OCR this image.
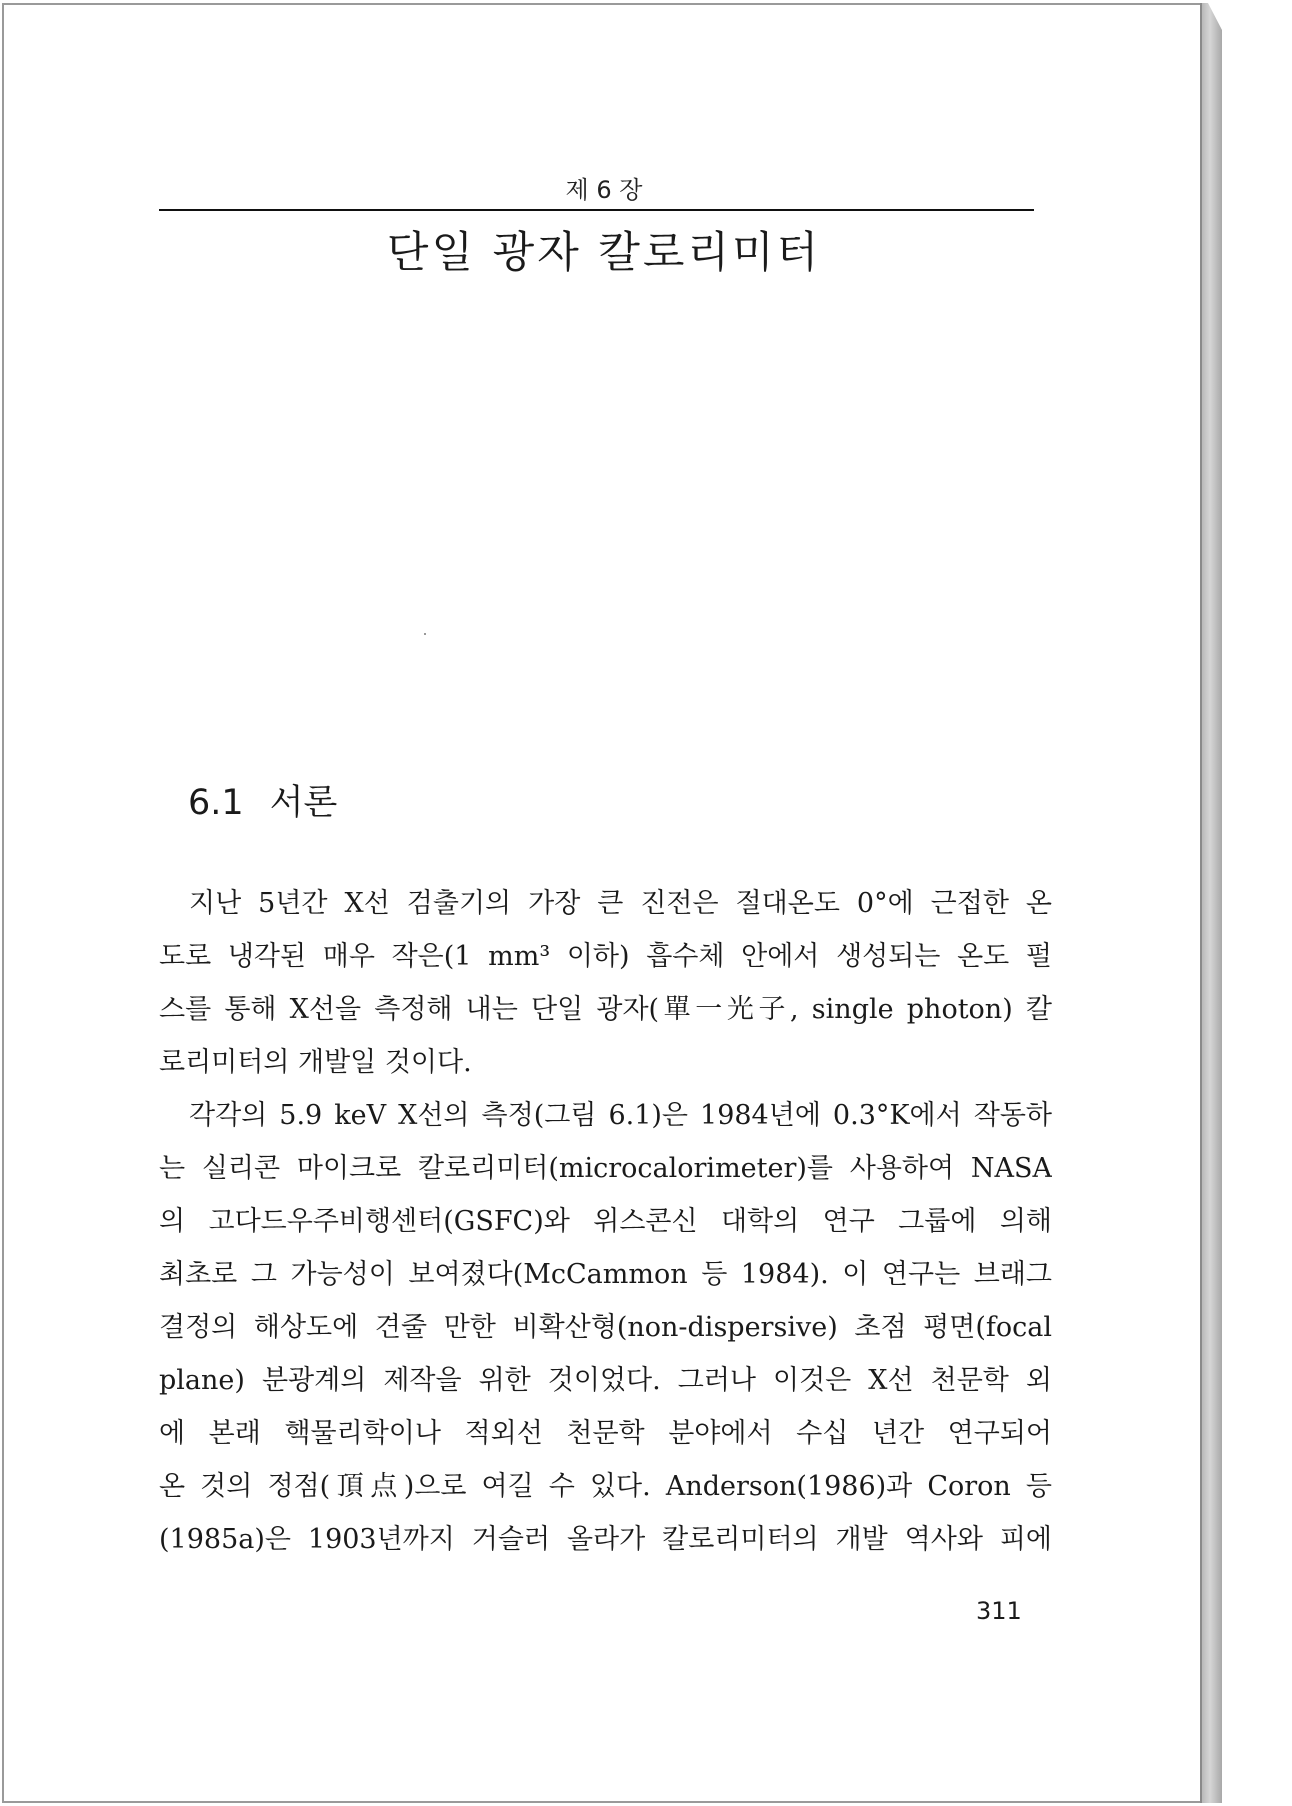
제 6 장
단일 광자 칼로리미터
6.1 서론
지난 5년간 X선 검출기의 가장 큰 진전은 절대온도 0°에 근접한 온
도로 냉각된 매우 작은(1 mm³ 이하) 흡수체 안에서 생성되는 온도 펄
스를 통해 X선을 측정해 내는 단일 광자(單一光子, single photon) 칼
로리미터의 개발일 것이다.
각각의 5.9 keV X선의 측정(그림 6.1)은 1984년에 0.3°K에서 작동하
는 실리콘 마이크로 칼로리미터(microcalorimeter)를 사용하여 NASA
의 고다드우주비행센터(GSFC)와 위스콘신 대학의 연구 그룹에 의해
최초로 그 가능성이 보여졌다(McCammon 등 1984). 이 연구는 브래그
결정의 해상도에 견줄 만한 비확산형(non-dispersive) 초점 평면(focal
plane) 분광계의 제작을 위한 것이었다. 그러나 이것은 X선 천문학 외
에 본래 핵물리학이나 적외선 천문학 분야에서 수십 년간 연구되어
온 것의 정점(頂点)으로 여길 수 있다. Anderson(1986)과 Coron 등
(1985a)은 1903년까지 거슬러 올라가 칼로리미터의 개발 역사와 피에
311
